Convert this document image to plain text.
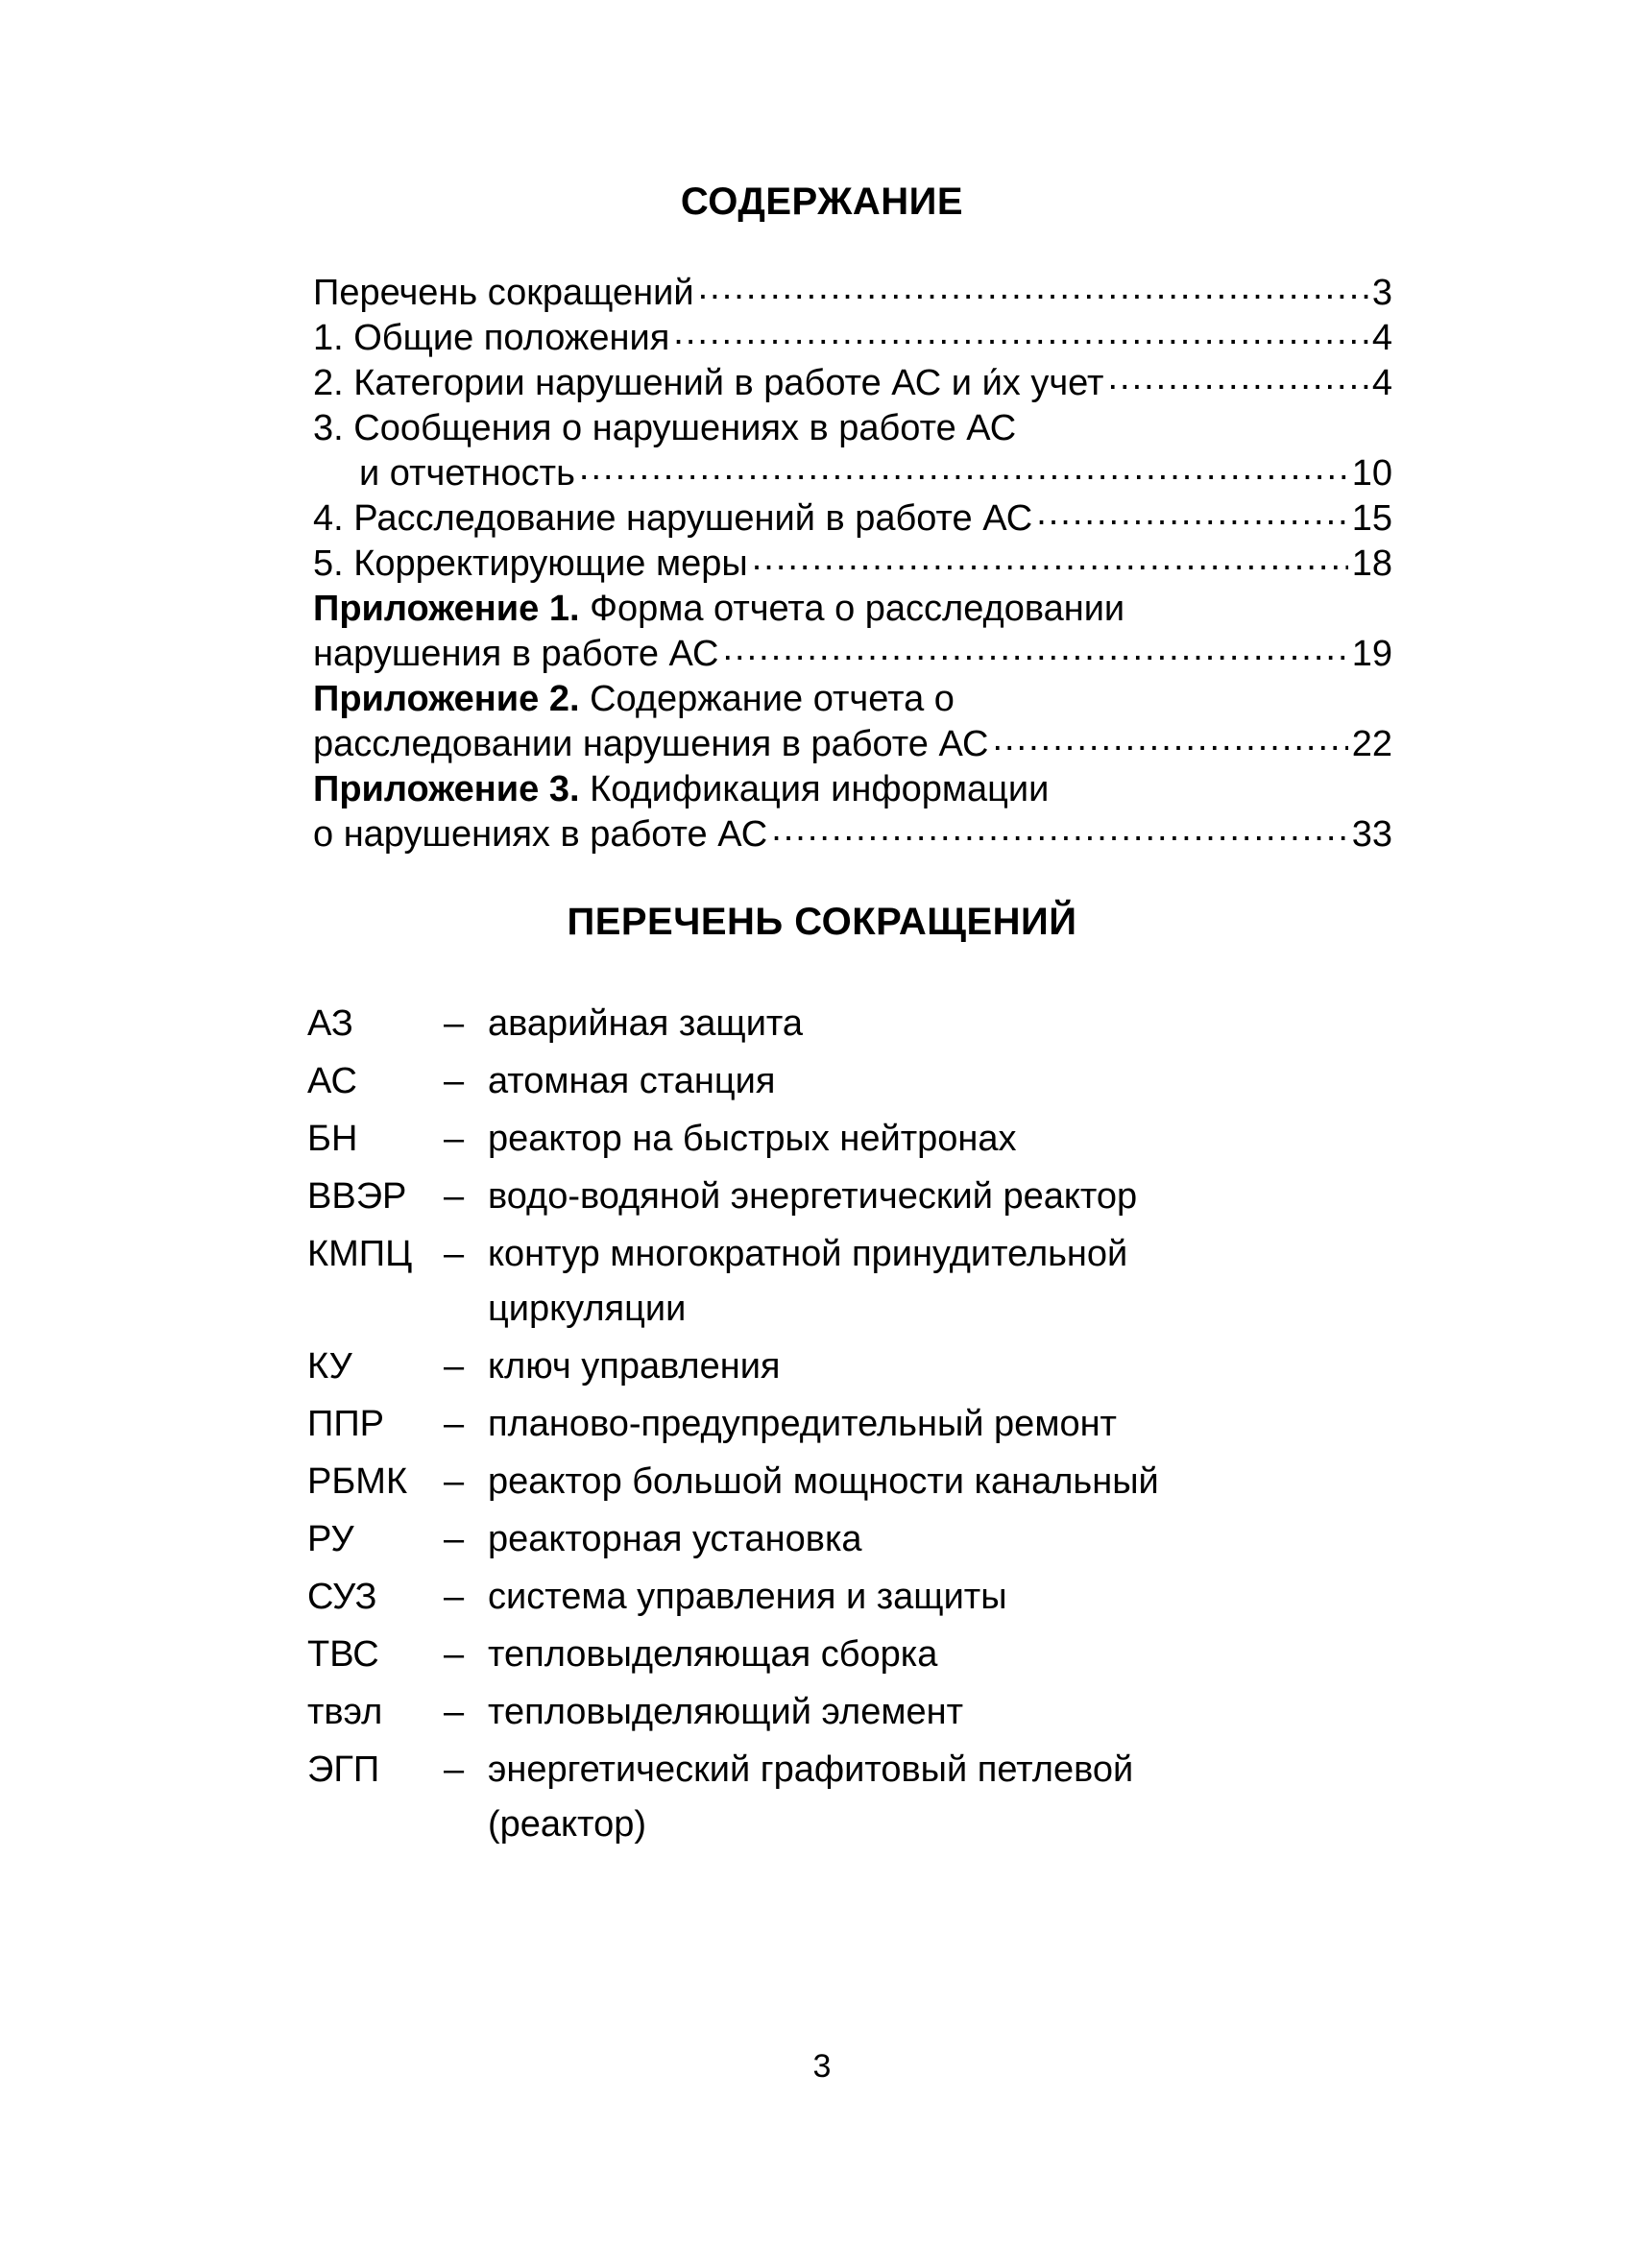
СОДЕРЖАНИЕ
Перечень сокращений .....	3
1. Общие положения .....	4
2. Категории нарушений в работе АС и и́х учет .....	4
3. Сообщения о нарушениях в работе АС
и отчетность .....	10
4. Расследование нарушений в работе АС .....	15
5. Корректирующие меры .....	18
Приложение 1. Форма отчета о расследовании
нарушения в работе АС .....	19
Приложение 2. Содержание отчета о
расследовании нарушения в работе АС .....	22
Приложение 3. Кодификация информации
о нарушениях в работе АС .....	33
ПЕРЕЧЕНЬ СОКРАЩЕНИЙ
АЗ – аварийная защита
АС – атомная станция
БН – реактор на быстрых нейтронах
ВВЭР – водо-водяной энергетический реактор
КМПЦ – контур многократной принудительной
циркуляции
КУ	– ключ управления
ППР – планово-предупредительный ремонт
РБМК – реактор большой мощности канальный
РУ – реакторная установка
СУЗ – система управления и защиты
ТВС – тепловыделяющая сборка
твэл – тепловыделяющий элемент
ЭГП – энергетический графитовый петлевой
(реактор)
3
